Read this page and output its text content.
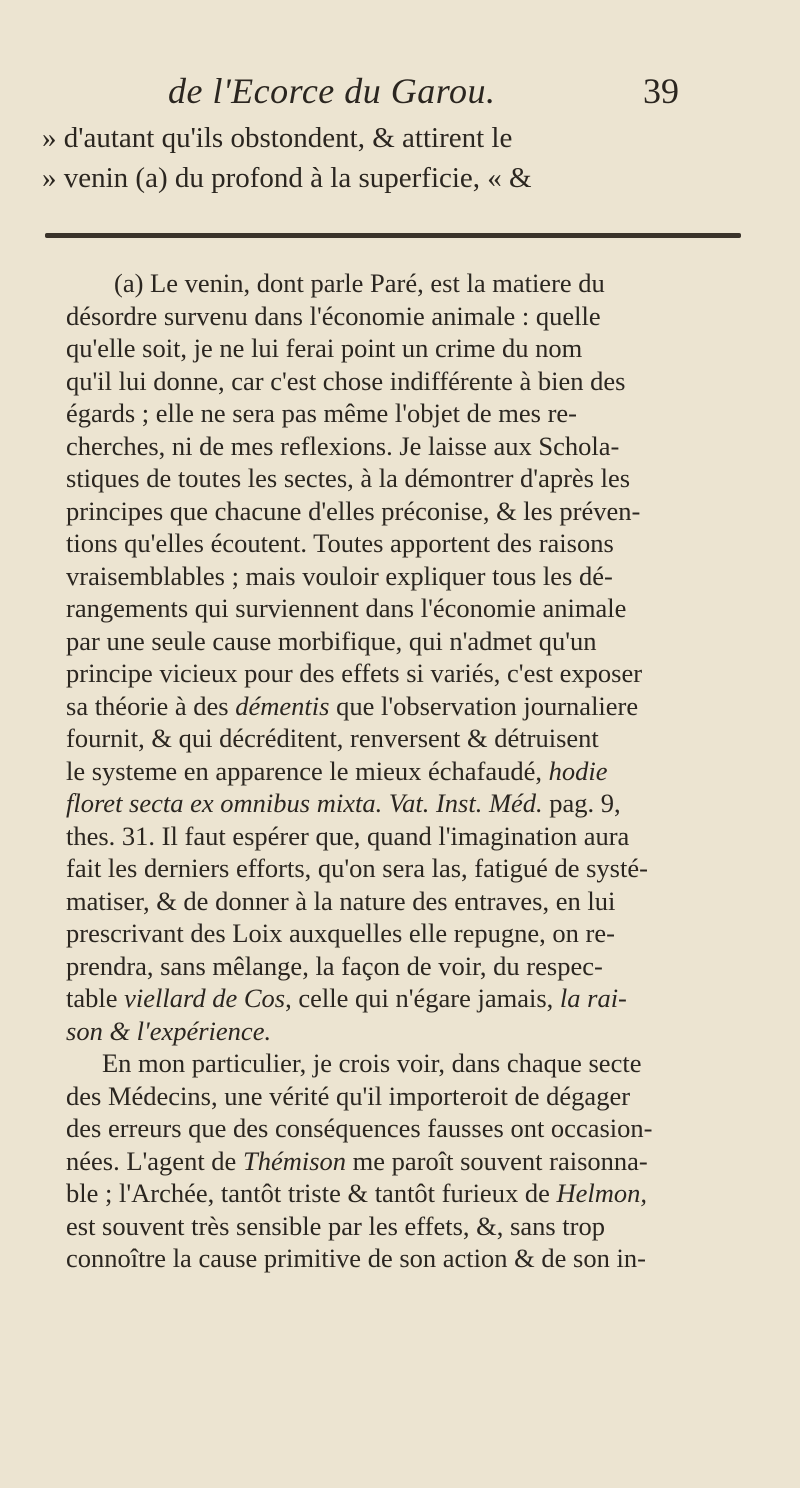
de l'Ecorce du Garou.	39
» d'autant qu'ils obstondent, & attirent le
» venin (a) du profond à la superficie, « &
(a) Le venin, dont parle Paré, est la matiere du
désordre survenu dans l'économie animale : quelle
qu'elle soit, je ne lui ferai point un crime du nom
qu'il lui donne, car c'est chose indifférente à bien des
égards ; elle ne sera pas même l'objet de mes re-
cherches, ni de mes reflexions. Je laisse aux Schola-
stiques de toutes les sectes, à la démontrer d'après les
principes que chacune d'elles préconise, & les préven-
tions qu'elles écoutent. Toutes apportent des raisons
vraisemblables ; mais vouloir expliquer tous les dé-
rangements qui surviennent dans l'économie animale
par une seule cause morbifique, qui n'admet qu'un
principe vicieux pour des effets si variés, c'est exposer
sa théorie à des démentis que l'observation journaliere
fournit, & qui décréditent, renversent & détruisent
le systeme en apparence le mieux échafaudé, hodie
floret secta ex omnibus mixta. Vat. Inst. Méd. pag. 9,
thes. 31. Il faut espérer que, quand l'imagination aura
fait les derniers efforts, qu'on sera las, fatigué de systé-
matiser, & de donner à la nature des entraves, en lui
prescrivant des Loix auxquelles elle repugne, on re-
prendra, sans mêlange, la façon de voir, du respec-
table viellard de Cos, celle qui n'égare jamais, la rai-
son & l'expérience.
En mon particulier, je crois voir, dans chaque secte
des Médecins, une vérité qu'il importeroit de dégager
des erreurs que des conséquences fausses ont occasion-
nées. L'agent de Thémison me paroît souvent raisonna-
ble ; l'Archée, tantôt triste & tantôt furieux de Helmon,
est souvent très sensible par les effets, &, sans trop
connoître la cause primitive de son action & de son in-
